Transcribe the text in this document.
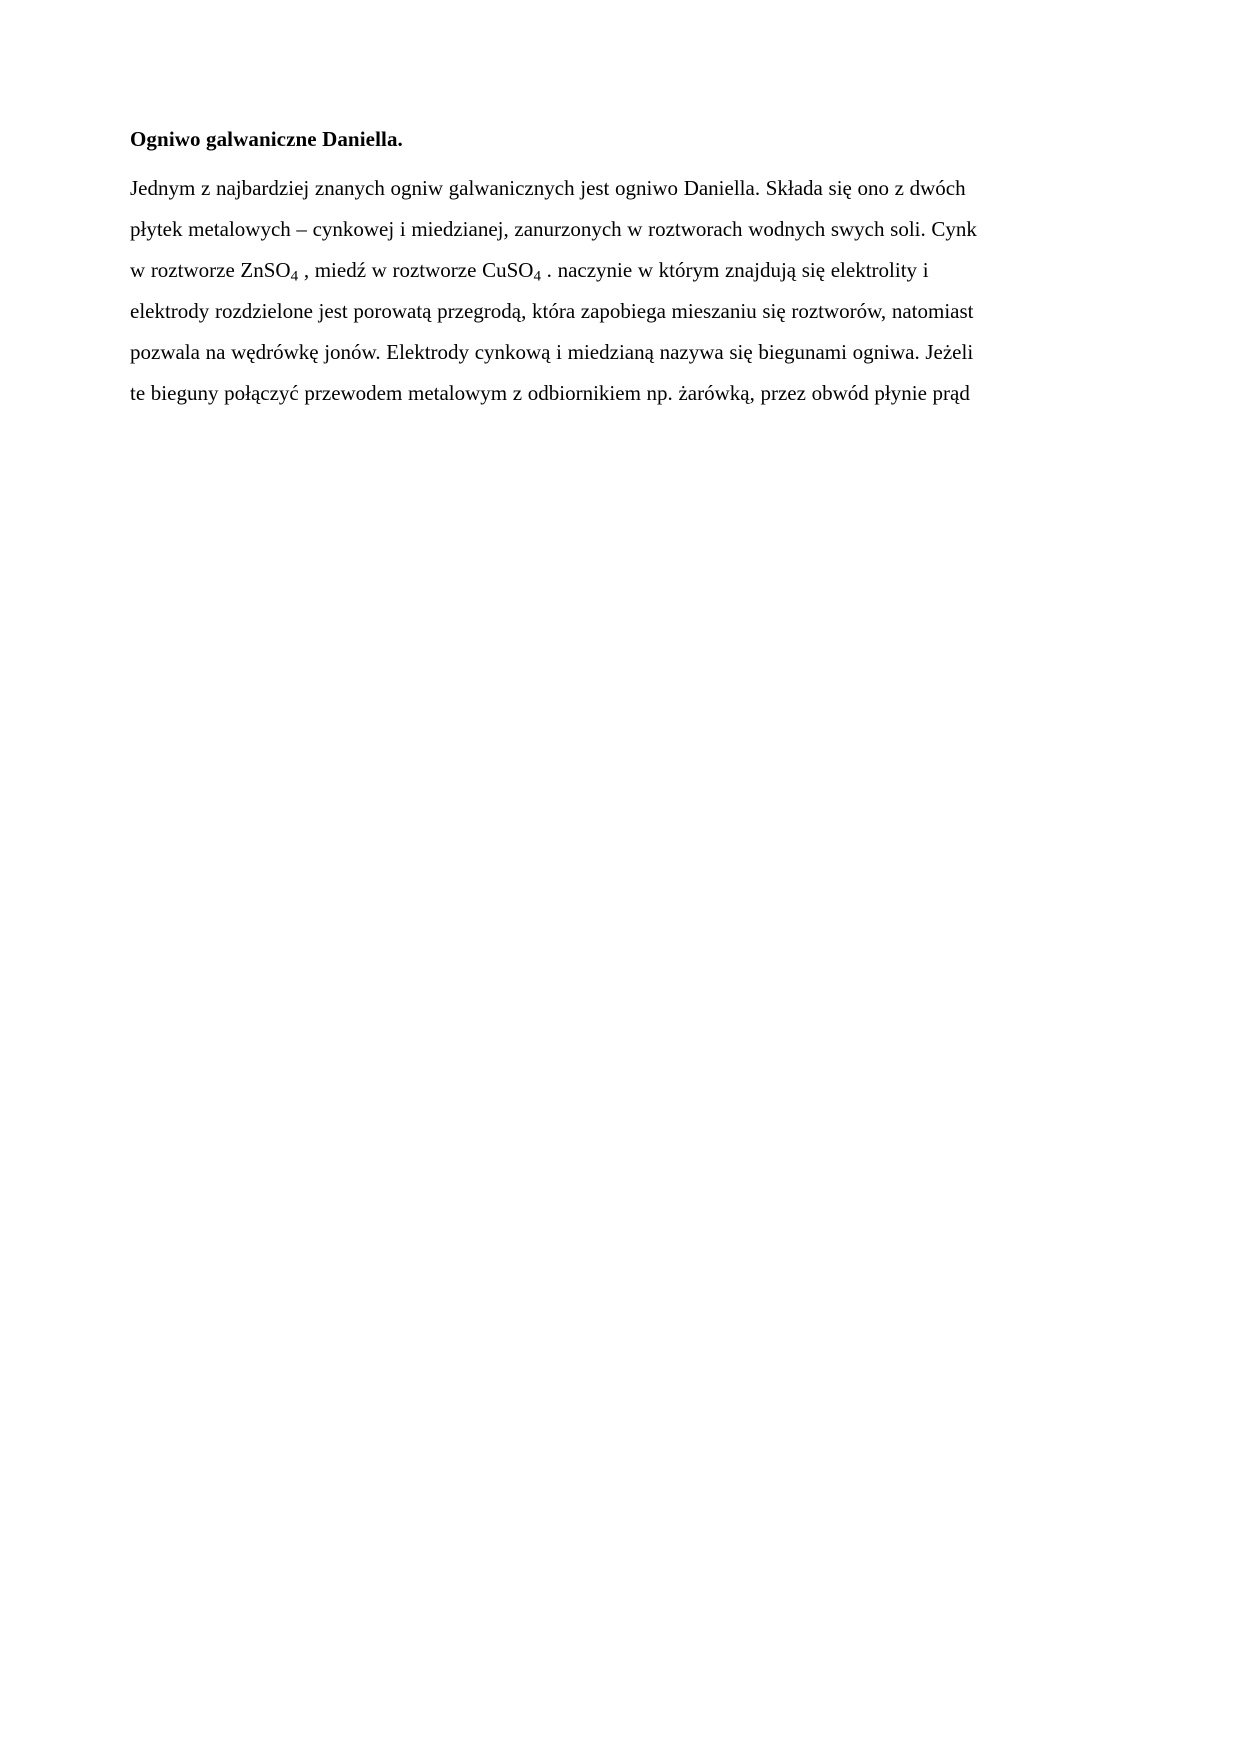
Ogniwo galwaniczne Daniella.

Jednym z najbardziej znanych ogniw galwanicznych jest ogniwo Daniella. Składa się ono z dwóch płytek metalowych – cynkowej i miedzianej, zanurzonych w roztworach wodnych swych soli. Cynk w roztworze ZnSO$_4$ , miedź w roztworze CuSO$_4$ . naczynie w którym znajdują się elektrolity i elektrody rozdzielone jest porowatą przegrodą, która zapobiega mieszaniu się roztworów, natomiast pozwala na wędrówkę jonów. Elektrody cynkową i miedzianą nazywa się biegunami ogniwa. Jeżeli te bieguny połączyć przewodem metalowym z odbiornikiem np. żarówką, przez obwód płynie prąd
